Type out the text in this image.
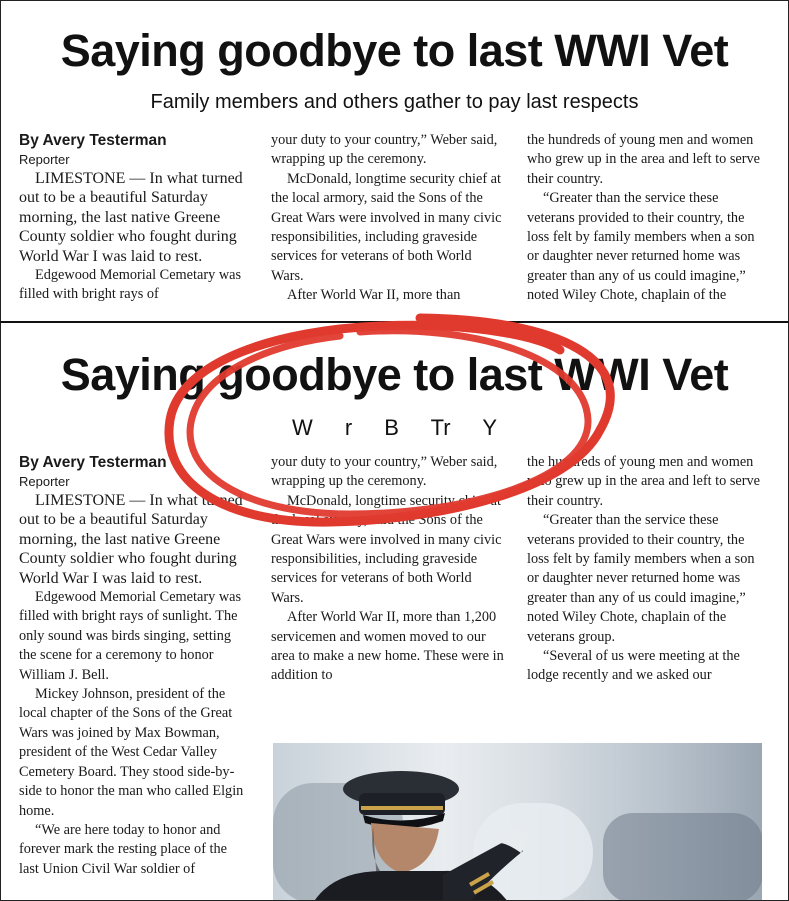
Saying goodbye to last WWI Vet
Family members and others gather to pay last respects

By Avery Testerman

Reporter

LIMESTONE — In what turned out to be a beautiful Saturday morning, the last native Greene County soldier who fought during World War I was laid to rest.

Edgewood Memorial Cemetary was filled with bright rays of

your duty to your country,” Weber said, wrapping up the ceremony.

McDonald, longtime security chief at the local armory, said the Sons of the Great Wars were involved in many civic responsibilities, including graveside services for veterans of both World Wars.

After World War II, more than

the hundreds of young men and women who grew up in the area and left to serve their country.

“Greater than the service these veterans provided to their country, the loss felt by family members when a son or daughter never returned home was greater than any of us could imagine,” noted Wiley Chote, chaplain of the

Saying goodbye to last WWI Vet
W r B Tr Y

By Avery Testerman

Reporter

LIMESTONE — In what turned out to be a beautiful Saturday morning, the last native Greene County soldier who fought during World War I was laid to rest.

Edgewood Memorial Cemetary was filled with bright rays of sunlight. The only sound was birds singing, setting the scene for a ceremony to honor William J. Bell.

Mickey Johnson, president of the local chapter of the Sons of the Great Wars was joined by Max Bowman, president of the West Cedar Valley Cemetery Board. They stood side-by-side to honor the man who called Elgin home.

“We are here today to honor and forever mark the resting place of the last Union Civil War soldier of

your duty to your country,” Weber said, wrapping up the ceremony.

McDonald, longtime security chief at the local armory, said the Sons of the Great Wars were involved in many civic responsibilities, including graveside services for veterans of both World Wars.

After World War II, more than 1,200 servicemen and women moved to our area to make a new home. These were in addition to

the hundreds of young men and women who grew up in the area and left to serve their country.

“Greater than the service these veterans provided to their country, the loss felt by family members when a son or daughter never returned home was greater than any of us could imagine,” noted Wiley Chote, chaplain of the veterans group.

“Several of us were meeting at the lodge recently and we asked our
